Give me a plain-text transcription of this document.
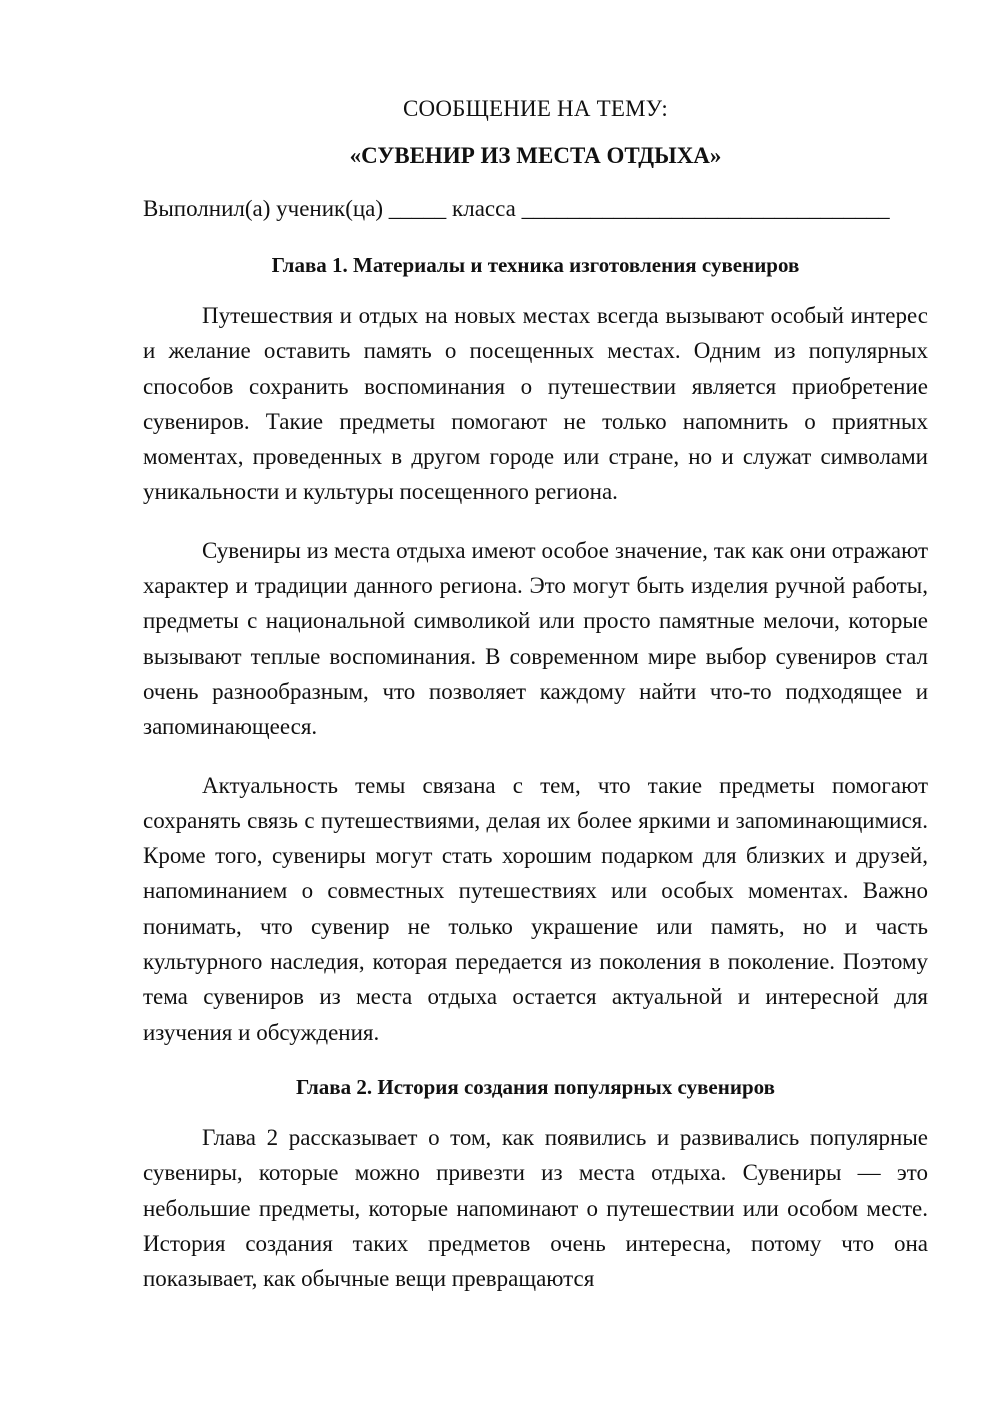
СООБЩЕНИЕ НА ТЕМУ:

«СУВЕНИР ИЗ МЕСТА ОТДЫХА»

Выполнил(а) ученик(ца) _____ класса ________________________________

Глава 1. Материалы и техника изготовления сувениров

Путешествия и отдых на новых местах всегда вызывают особый интерес и желание оставить память о посещенных местах. Одним из популярных способов сохранить воспоминания о путешествии является приобретение сувениров. Такие предметы помогают не только напомнить о приятных моментах, проведенных в другом городе или стране, но и служат символами уникальности и культуры посещенного региона.

Сувениры из места отдыха имеют особое значение, так как они отражают характер и традиции данного региона. Это могут быть изделия ручной работы, предметы с национальной символикой или просто памятные мелочи, которые вызывают теплые воспоминания. В современном мире выбор сувениров стал очень разнообразным, что позволяет каждому найти что-то подходящее и запоминающееся.

Актуальность темы связана с тем, что такие предметы помогают сохранять связь с путешествиями, делая их более яркими и запоминающимися. Кроме того, сувениры могут стать хорошим подарком для близких и друзей, напоминанием о совместных путешествиях или особых моментах. Важно понимать, что сувенир не только украшение или память, но и часть культурного наследия, которая передается из поколения в поколение. Поэтому тема сувениров из места отдыха остается актуальной и интересной для изучения и обсуждения.

Глава 2. История создания популярных сувениров

Глава 2 рассказывает о том, как появились и развивались популярные сувениры, которые можно привезти из места отдыха. Сувениры — это небольшие предметы, которые напоминают о путешествии или особом месте. История создания таких предметов очень интересна, потому что она показывает, как обычные вещи превращаются
